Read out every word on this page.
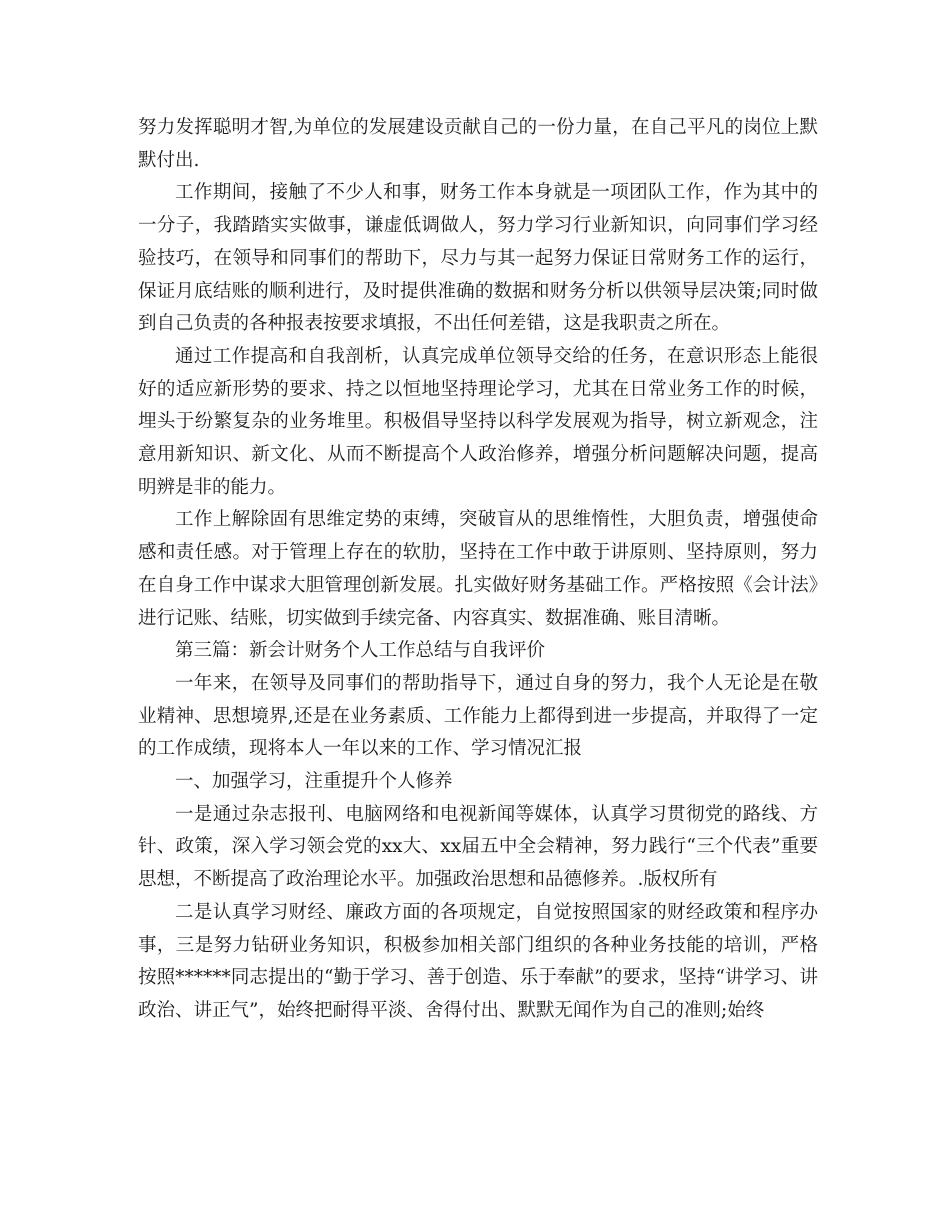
努力发挥聪明才智,为单位的发展建设贡献自己的一份力量，在自己平凡的岗位上默默付出.

工作期间，接触了不少人和事，财务工作本身就是一项团队工作，作为其中的一分子，我踏踏实实做事，谦虚低调做人，努力学习行业新知识，向同事们学习经验技巧，在领导和同事们的帮助下，尽力与其一起努力保证日常财务工作的运行，保证月底结账的顺利进行，及时提供准确的数据和财务分析以供领导层决策;同时做到自己负责的各种报表按要求填报，不出任何差错，这是我职责之所在。

通过工作提高和自我剖析，认真完成单位领导交给的任务，在意识形态上能很好的适应新形势的要求、持之以恒地坚持理论学习，尤其在日常业务工作的时候，埋头于纷繁复杂的业务堆里。积极倡导坚持以科学发展观为指导，树立新观念，注意用新知识、新文化、从而不断提高个人政治修养，增强分析问题解决问题，提高明辨是非的能力。

工作上解除固有思维定势的束缚，突破盲从的思维惰性，大胆负责，增强使命感和责任感。对于管理上存在的软肋，坚持在工作中敢于讲原则、坚持原则，努力在自身工作中谋求大胆管理创新发展。扎实做好财务基础工作。严格按照《会计法》进行记账、结账，切实做到手续完备、内容真实、数据准确、账目清晰。

第三篇：新会计财务个人工作总结与自我评价

一年来，在领导及同事们的帮助指导下，通过自身的努力，我个人无论是在敬业精神、思想境界,还是在业务素质、工作能力上都得到进一步提高，并取得了一定的工作成绩，现将本人一年以来的工作、学习情况汇报

一、加强学习，注重提升个人修养

一是通过杂志报刊、电脑网络和电视新闻等媒体，认真学习贯彻党的路线、方针、政策，深入学习领会党的xx大、xx届五中全会精神，努力践行“三个代表”重要思想，不断提高了政治理论水平。加强政治思想和品德修养。.版权所有

二是认真学习财经、廉政方面的各项规定，自觉按照国家的财经政策和程序办事，三是努力钻研业务知识，积极参加相关部门组织的各种业务技能的培训，严格按照******同志提出的“勤于学习、善于创造、乐于奉献”的要求，坚持“讲学习、讲政治、讲正气”，始终把耐得平淡、舍得付出、默默无闻作为自己的准则;始终
